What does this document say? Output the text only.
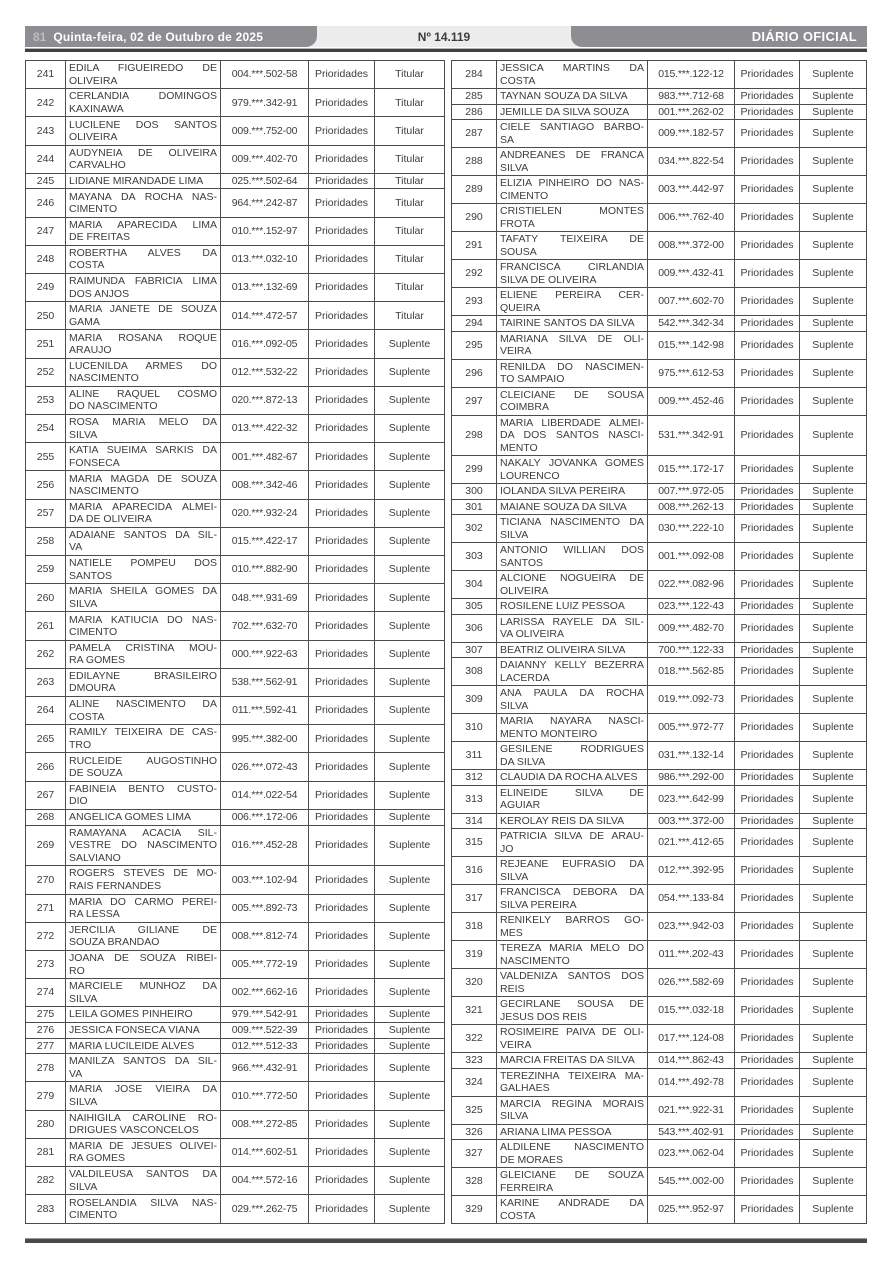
81 Quinta-feira, 02 de Outubro de 2025	Nº 14.119	DIÁRIO OFICIAL
241	EDILA FIGUEIREDO DE
OLIVEIRA	004.***.502-58	Prioridades	Titular
242	CERLANDIA DOMINGOS
KAXINAWA	979.***.342-91	Prioridades	Titular
243	LUCILENE DOS SANTOS
OLIVEIRA	009.***.752-00	Prioridades	Titular
244	AUDYNEIA DE OLIVEIRA
CARVALHO	009.***.402-70	Prioridades	Titular
245	LIDIANE MIRANDADE LIMA	025.***.502-64	Prioridades	Titular
246	MAYANA DA ROCHA NAS-
CIMENTO	964.***.242-87	Prioridades	Titular
247	MARIA APARECIDA LIMA
DE FREITAS	010.***.152-97	Prioridades	Titular
248	ROBERTHA ALVES DA
COSTA	013.***.032-10	Prioridades	Titular
249	RAIMUNDA FABRICIA LIMA
DOS ANJOS	013.***.132-69	Prioridades	Titular
250	MARIA JANETE DE SOUZA
GAMA	014.***.472-57	Prioridades	Titular
251	MARIA ROSANA ROQUE
ARAUJO	016.***.092-05	Prioridades	Suplente
252	LUCENILDA ARMES DO
NASCIMENTO	012.***.532-22	Prioridades	Suplente
253	ALINE RAQUEL COSMO
DO NASCIMENTO	020.***.872-13	Prioridades	Suplente
254	ROSA MARIA MELO DA
SILVA	013.***.422-32	Prioridades	Suplente
255	KATIA SUEIMA SARKIS DA
FONSECA	001.***.482-67	Prioridades	Suplente
256	MARIA MAGDA DE SOUZA
NASCIMENTO	008.***.342-46	Prioridades	Suplente
257	MARIA APARECIDA ALMEI-
DA DE OLIVEIRA	020.***.932-24	Prioridades	Suplente
258	ADAIANE SANTOS DA SIL-
VA	015.***.422-17	Prioridades	Suplente
259	NATIELE POMPEU DOS
SANTOS	010.***.882-90	Prioridades	Suplente
260	MARIA SHEILA GOMES DA
SILVA	048.***.931-69	Prioridades	Suplente
261	MARIA KATIUCIA DO NAS-
CIMENTO	702.***.632-70	Prioridades	Suplente
262	PAMELA CRISTINA MOU-
RA GOMES	000.***.922-63	Prioridades	Suplente
263	EDILAYNE BRASILEIRO
DMOURA	538.***.562-91	Prioridades	Suplente
264	ALINE NASCIMENTO DA
COSTA	011.***.592-41	Prioridades	Suplente
265	RAMILY TEIXEIRA DE CAS-
TRO	995.***.382-00	Prioridades	Suplente
266	RUCLEIDE AUGOSTINHO
DE SOUZA	026.***.072-43	Prioridades	Suplente
267	FABINEIA BENTO CUSTO-
DIO	014.***.022-54	Prioridades	Suplente
268	ANGELICA GOMES LIMA	006.***.172-06	Prioridades	Suplente
269	RAMAYANA ACACIA SIL-
VESTRE DO NASCIMENTO
SALVIANO	016.***.452-28	Prioridades	Suplente
270	ROGERS STEVES DE MO-
RAIS FERNANDES	003.***.102-94	Prioridades	Suplente
271	MARIA DO CARMO PEREI-
RA LESSA	005.***.892-73	Prioridades	Suplente
272	JERCILIA GILIANE DE
SOUZA BRANDAO	008.***.812-74	Prioridades	Suplente
273	JOANA DE SOUZA RIBEI-
RO	005.***.772-19	Prioridades	Suplente
274	MARCIELE MUNHOZ DA
SILVA	002.***.662-16	Prioridades	Suplente
275	LEILA GOMES PINHEIRO	979.***.542-91	Prioridades	Suplente
276	JESSICA FONSECA VIANA	009.***.522-39	Prioridades	Suplente
277	MARIA LUCILEIDE ALVES	012.***.512-33	Prioridades	Suplente
278	MANILZA SANTOS DA SIL-
VA	966.***.432-91	Prioridades	Suplente
279	MARIA JOSE VIEIRA DA
SILVA	010.***.772-50	Prioridades	Suplente
280	NAIHIGILA CAROLINE RO-
DRIGUES VASCONCELOS	008.***.272-85	Prioridades	Suplente
281	MARIA DE JESUES OLIVEI-
RA GOMES	014.***.602-51	Prioridades	Suplente
282	VALDILEUSA SANTOS DA
SILVA	004.***.572-16	Prioridades	Suplente
283	ROSELANDIA SILVA NAS-
CIMENTO	029.***.262-75	Prioridades	Suplente
284	JESSICA MARTINS DA
COSTA	015.***.122-12	Prioridades	Suplente
285	TAYNAN SOUZA DA SILVA	983.***.712-68	Prioridades	Suplente
286	JEMILLE DA SILVA SOUZA	001.***.262-02	Prioridades	Suplente
287	CIELE SANTIAGO BARBO-
SA	009.***.182-57	Prioridades	Suplente
288	ANDREANES DE FRANCA
SILVA	034.***.822-54	Prioridades	Suplente
289	ELIZIA PINHEIRO DO NAS-
CIMENTO	003.***.442-97	Prioridades	Suplente
290	CRISTIELEN MONTES
FROTA	006.***.762-40	Prioridades	Suplente
291	TAFATY TEIXEIRA DE
SOUSA	008.***.372-00	Prioridades	Suplente
292	FRANCISCA CIRLANDIA
SILVA DE OLIVEIRA	009.***.432-41	Prioridades	Suplente
293	ELIENE PEREIRA CER-
QUEIRA	007.***.602-70	Prioridades	Suplente
294	TAIRINE SANTOS DA SILVA	542.***.342-34	Prioridades	Suplente
295	MARIANA SILVA DE OLI-
VEIRA	015.***.142-98	Prioridades	Suplente
296	RENILDA DO NASCIMEN-
TO SAMPAIO	975.***.612-53	Prioridades	Suplente
297	CLEICIANE DE SOUSA
COIMBRA	009.***.452-46	Prioridades	Suplente
298	MARIA LIBERDADE ALMEI-
DA DOS SANTOS NASCI-
MENTO	531.***.342-91	Prioridades	Suplente
299	NAKALY JOVANKA GOMES
LOURENCO	015.***.172-17	Prioridades	Suplente
300	IOLANDA SILVA PEREIRA	007.***.972-05	Prioridades	Suplente
301	MAIANE SOUZA DA SILVA	008.***.262-13	Prioridades	Suplente
302	TICIANA NASCIMENTO DA
SILVA	030.***.222-10	Prioridades	Suplente
303	ANTONIO WILLIAN DOS
SANTOS	001.***.092-08	Prioridades	Suplente
304	ALCIONE NOGUEIRA DE
OLIVEIRA	022.***.082-96	Prioridades	Suplente
305	ROSILENE LUIZ PESSOA	023.***.122-43	Prioridades	Suplente
306	LARISSA RAYELE DA SIL-
VA OLIVEIRA	009.***.482-70	Prioridades	Suplente
307	BEATRIZ OLIVEIRA SILVA	700.***.122-33	Prioridades	Suplente
308	DAIANNY KELLY BEZERRA
LACERDA	018.***.562-85	Prioridades	Suplente
309	ANA PAULA DA ROCHA
SILVA	019.***.092-73	Prioridades	Suplente
310	MARIA NAYARA NASCI-
MENTO MONTEIRO	005.***.972-77	Prioridades	Suplente
311	GESILENE RODRIGUES
DA SILVA	031.***.132-14	Prioridades	Suplente
312	CLAUDIA DA ROCHA ALVES	986.***.292-00	Prioridades	Suplente
313	ELINEIDE SILVA DE
AGUIAR	023.***.642-99	Prioridades	Suplente
314	KEROLAY REIS DA SILVA	003.***.372-00	Prioridades	Suplente
315	PATRICIA SILVA DE ARAU-
JO	021.***.412-65	Prioridades	Suplente
316	REJEANE EUFRASIO DA
SILVA	012.***.392-95	Prioridades	Suplente
317	FRANCISCA DEBORA DA
SILVA PEREIRA	054.***.133-84	Prioridades	Suplente
318	RENIKELY BARROS GO-
MES	023.***.942-03	Prioridades	Suplente
319	TEREZA MARIA MELO DO
NASCIMENTO	011.***.202-43	Prioridades	Suplente
320	VALDENIZA SANTOS DOS
REIS	026.***.582-69	Prioridades	Suplente
321	GECIRLANE SOUSA DE
JESUS DOS REIS	015.***.032-18	Prioridades	Suplente
322	ROSIMEIRE PAIVA DE OLI-
VEIRA	017.***.124-08	Prioridades	Suplente
323	MARCIA FREITAS DA SILVA	014.***.862-43	Prioridades	Suplente
324	TEREZINHA TEIXEIRA MA-
GALHAES	014.***.492-78	Prioridades	Suplente
325	MARCIA REGINA MORAIS
SILVA	021.***.922-31	Prioridades	Suplente
326	ARIANA LIMA PESSOA	543.***.402-91	Prioridades	Suplente
327	ALDILENE NASCIMENTO
DE MORAES	023.***.062-04	Prioridades	Suplente
328	GLEICIANE DE SOUZA
FERREIRA	545.***.002-00	Prioridades	Suplente
329	KARINE ANDRADE DA
COSTA	025.***.952-97	Prioridades	Suplente
